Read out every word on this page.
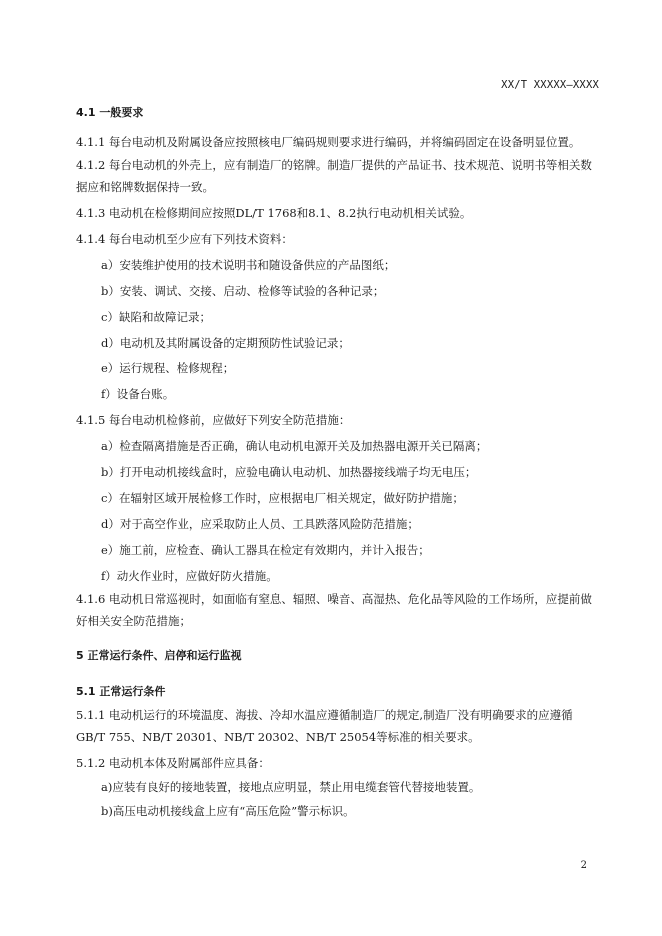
XX/T XXXXX—XXXX
4.1 一般要求
4.1.1 每台电动机及附属设备应按照核电厂编码规则要求进行编码，并将编码固定在设备明显位置。
4.1.2 每台电动机的外壳上，应有制造厂的铭牌。制造厂提供的产品证书、技术规范、说明书等相关数据应和铭牌数据保持一致。
4.1.3 电动机在检修期间应按照DL/T 1768和8.1、8.2执行电动机相关试验。
4.1.4 每台电动机至少应有下列技术资料：
a）安装维护使用的技术说明书和随设备供应的产品图纸；
b）安装、调试、交接、启动、检修等试验的各种记录；
c）缺陷和故障记录；
d）电动机及其附属设备的定期预防性试验记录；
e）运行规程、检修规程；
f）设备台账。
4.1.5 每台电动机检修前，应做好下列安全防范措施：
a）检查隔离措施是否正确，确认电动机电源开关及加热器电源开关已隔离；
b）打开电动机接线盒时，应验电确认电动机、加热器接线端子均无电压；
c）在辐射区域开展检修工作时，应根据电厂相关规定，做好防护措施；
d）对于高空作业，应采取防止人员、工具跌落风险防范措施；
e）施工前，应检查、确认工器具在检定有效期内，并计入报告；
f）动火作业时，应做好防火措施。
4.1.6 电动机日常巡视时，如面临有窒息、辐照、噪音、高湿热、危化品等风险的工作场所，应提前做好相关安全防范措施；
5 正常运行条件、启停和运行监视
5.1 正常运行条件
5.1.1 电动机运行的环境温度、海拔、冷却水温应遵循制造厂的规定,制造厂没有明确要求的应遵循GB/T 755、NB/T 20301、NB/T 20302、NB/T 25054等标准的相关要求。
5.1.2 电动机本体及附属部件应具备：
a)应装有良好的接地装置，接地点应明显，禁止用电缆套管代替接地装置。
b)高压电动机接线盒上应有“高压危险”警示标识。
2
